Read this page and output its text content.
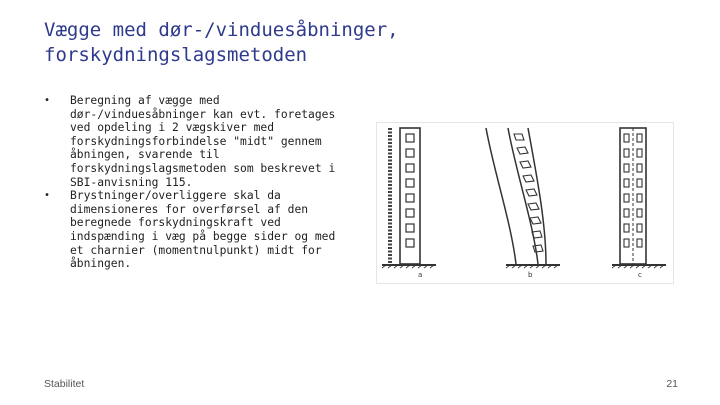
Vægge med dør-/vinduesåbninger, forskydningslagsmetoden
• Beregning af vægge med dør-/vinduesåbninger kan evt. foretages ved opdeling i 2 vægskiver med forskydningsforbindelse "midt" gennem åbningen, svarende til forskydningslagsmetoden som beskrevet i SBI-anvisning 115.
• Brystninger/overliggere skal da dimensioneres for overførsel af den beregnede forskydningskraft ved indspænding i væg på begge sider og med et charnier (momentnulpunkt) midt for åbningen.
a	b	c
Stabilitet	21
